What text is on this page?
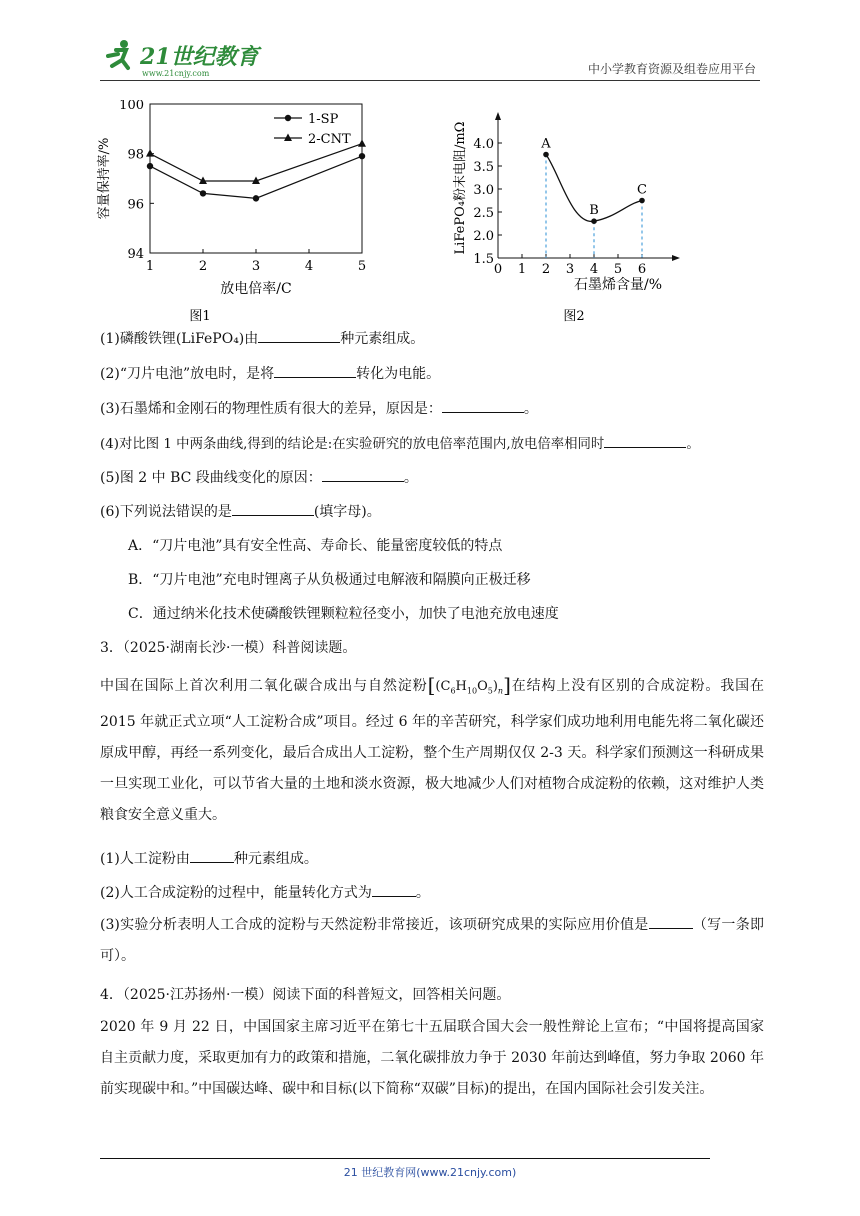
21世纪教育
www.21cnjy.com	中小学教育资源及组卷应用平台
1	2	3	4	5
94
96
98
100
放电倍率/C
容量保持率/%
1-SP
2-CNT
图1
0 1 2 3 4 5 6
1.5
2.0
2.5
3.0
3.5
4.0
石墨烯含量/%
LiFePO₄粉末电阻/mΩ	A
B
C
图2
(1)磷酸铁锂(LiFePO₄)由	种元素组成。
(2)“刀片电池”放电时，是将	转化为电能。
(3)石墨烯和金刚石的物理性质有很大的差异，原因是：	。
(4)对比图 1 中两条曲线,得到的结论是:在实验研究的放电倍率范围内,放电倍率相同时	。
(5)图 2 中 BC 段曲线变化的原因：	。
(6)下列说法错误的是	(填字母)。
A．“刀片电池”具有安全性高、寿命长、能量密度较低的特点
B．“刀片电池”充电时锂离子从负极通过电解液和隔膜向正极迁移
C．通过纳米化技术使磷酸铁锂颗粒粒径变小，加快了电池充放电速度
3．（2025·湖南长沙·一模）科普阅读题。
中国在国际上首次利用二氧化碳合成出与自然淀粉$[(C_6H_{10}O_5)_n]$在结构上没有区别的合成淀粉。我国在 2015 年就正式立项“人工淀粉合成”项目。经过 6 年的辛苦研究，科学家们成功地利用电能先将二氧化碳还原成甲醇，再经一系列变化，最后合成出人工淀粉，整个生产周期仅仅 2-3 天。科学家们预测这一科研成果一旦实现工业化，可以节省大量的土地和淡水资源，极大地减少人们对植物合成淀粉的依赖，这对维护人类粮食安全意义重大。
(1)人工淀粉由	种元素组成。
(2)人工合成淀粉的过程中，能量转化方式为	。
(3)实验分析表明人工合成的淀粉与天然淀粉非常接近，该项研究成果的实际应用价值是	（写一条即可）。
4．（2025·江苏扬州·一模）阅读下面的科普短文，回答相关问题。
2020 年 9 月 22 日，中国国家主席习近平在第七十五届联合国大会一般性辩论上宣布；“中国将提高国家自主贡献力度，采取更加有力的政策和措施，二氧化碳排放力争于 2030 年前达到峰值，努力争取 2060 年前实现碳中和。”中国碳达峰、碳中和目标(以下简称“双碳”目标)的提出，在国内国际社会引发关注。
21 世纪教育网(www.21cnjy.com)
